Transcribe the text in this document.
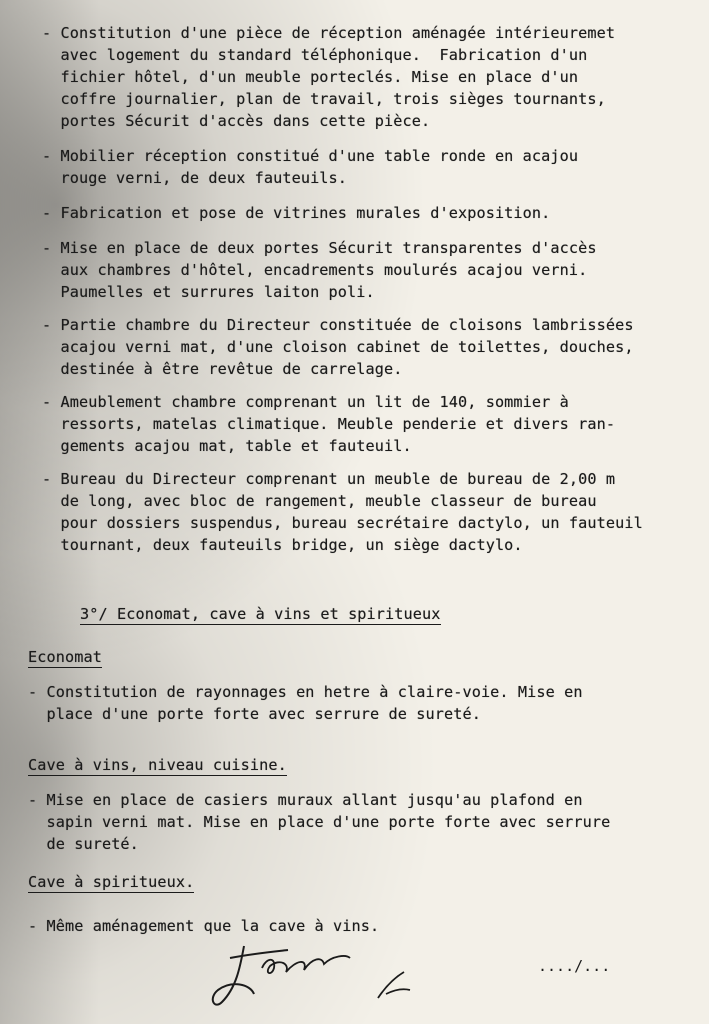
- Constitution d'une pièce de réception aménagée intérieuremet
avec logement du standard téléphonique.  Fabrication d'un
fichier hôtel, d'un meuble porteclés. Mise en place d'un
coffre journalier, plan de travail, trois sièges tournants,
portes Sécurit d'accès dans cette pièce.
- Mobilier réception constitué d'une table ronde en acajou
rouge verni, de deux fauteuils.
- Fabrication et pose de vitrines murales d'exposition.
- Mise en place de deux portes Sécurit transparentes d'accès
aux chambres d'hôtel, encadrements moulurés acajou verni.
Paumelles et surrures laiton poli.
- Partie chambre du Directeur constituée de cloisons lambrissées
acajou verni mat, d'une cloison cabinet de toilettes, douches,
destinée à être revêtue de carrelage.
- Ameublement chambre comprenant un lit de 140, sommier à
ressorts, matelas climatique. Meuble penderie et divers ran-
gements acajou mat, table et fauteuil.
- Bureau du Directeur comprenant un meuble de bureau de 2,00 m
de long, avec bloc de rangement, meuble classeur de bureau
pour dossiers suspendus, bureau secrétaire dactylo, un fauteuil
tournant, deux fauteuils bridge, un siège dactylo.
3°/ Economat, cave à vins et spiritueux
Economat
- Constitution de rayonnages en hetre à claire-voie. Mise en
place d'une porte forte avec serrure de sureté.
Cave à vins, niveau cuisine.
- Mise en place de casiers muraux allant jusqu'au plafond en
sapin verni mat. Mise en place d'une porte forte avec serrure
de sureté.
Cave à spiritueux.
- Même aménagement que la cave à vins.
..../...
